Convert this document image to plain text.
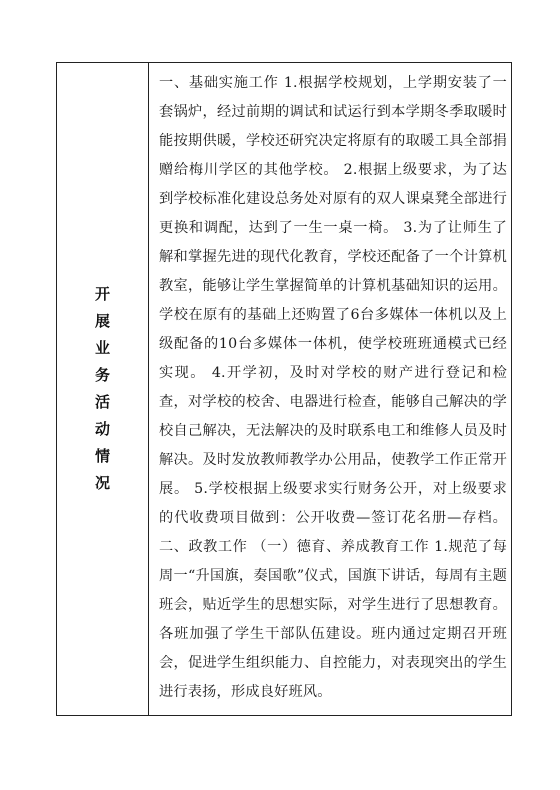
开展业务活动情况

一、基础实施工作 1.根据学校规划，上学期安装了一套锅炉，经过前期的调试和试运行到本学期冬季取暖时能按期供暖，学校还研究决定将原有的取暖工具全部捐赠给梅川学区的其他学校。 2.根据上级要求，为了达到学校标准化建设总务处对原有的双人课桌凳全部进行更换和调配，达到了一生一桌一椅。 3.为了让师生了解和掌握先进的现代化教育，学校还配备了一个计算机教室，能够让学生掌握简单的计算机基础知识的运用。学校在原有的基础上还购置了6台多媒体一体机以及上级配备的10台多媒体一体机，使学校班班通模式已经实现。 4.开学初，及时对学校的财产进行登记和检查，对学校的校舍、电器进行检查，能够自己解决的学校自己解决，无法解决的及时联系电工和维修人员及时解决。及时发放教师教学办公用品，使教学工作正常开展。 5.学校根据上级要求实行财务公开，对上级要求的代收费项目做到：公开收费—签订花名册—存档。 二、政教工作 （一）德育、养成教育工作 1.规范了每周一“升国旗，奏国歌”仪式，国旗下讲话，每周有主题班会，贴近学生的思想实际，对学生进行了思想教育。各班加强了学生干部队伍建设。班内通过定期召开班会，促进学生组织能力、自控能力，对表现突出的学生进行表扬，形成良好班风。
